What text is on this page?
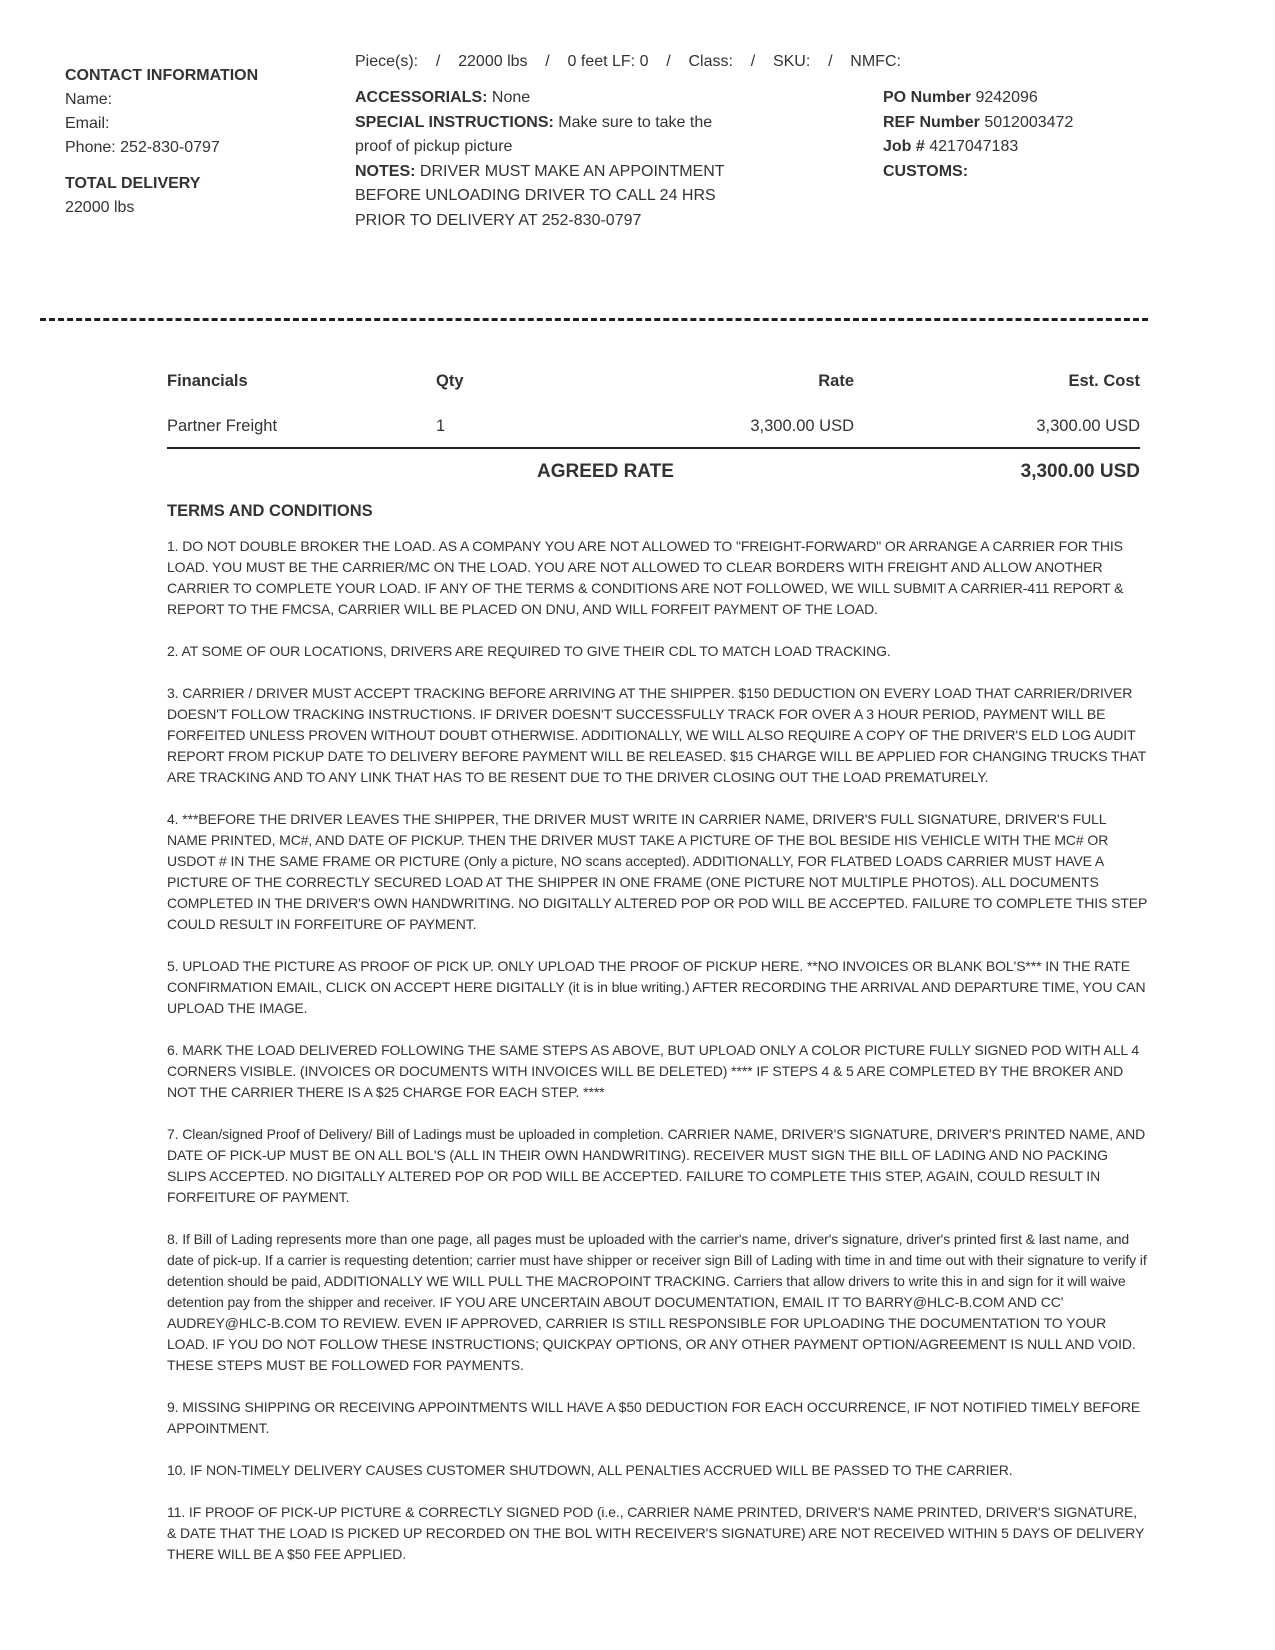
CONTACT INFORMATION
Name:
Email:
Phone: 252-830-0797
TOTAL DELIVERY
22000 lbs
Piece(s):    /    22000 lbs    /    0 feet LF: 0    /    Class:    /    SKU:    /    NMFC:
ACCESSORIALS: None
SPECIAL INSTRUCTIONS: Make sure to take the proof of pickup picture
NOTES: DRIVER MUST MAKE AN APPOINTMENT BEFORE UNLOADING DRIVER TO CALL 24 HRS PRIOR TO DELIVERY AT 252-830-0797
PO Number 9242096
REF Number 5012003472
Job # 4217047183
CUSTOMS:
Financials	Qty	Rate	Est. Cost
Partner Freight	1	3,300.00 USD	3,300.00 USD
AGREED RATE	3,300.00 USD
TERMS AND CONDITIONS

1. DO NOT DOUBLE BROKER THE LOAD. AS A COMPANY YOU ARE NOT ALLOWED TO "FREIGHT-FORWARD" OR ARRANGE A CARRIER FOR THIS LOAD. YOU MUST BE THE CARRIER/MC ON THE LOAD. YOU ARE NOT ALLOWED TO CLEAR BORDERS WITH FREIGHT AND ALLOW ANOTHER CARRIER TO COMPLETE YOUR LOAD. IF ANY OF THE TERMS & CONDITIONS ARE NOT FOLLOWED, WE WILL SUBMIT A CARRIER-411 REPORT & REPORT TO THE FMCSA, CARRIER WILL BE PLACED ON DNU, AND WILL FORFEIT PAYMENT OF THE LOAD.

2. AT SOME OF OUR LOCATIONS, DRIVERS ARE REQUIRED TO GIVE THEIR CDL TO MATCH LOAD TRACKING.

3. CARRIER / DRIVER MUST ACCEPT TRACKING BEFORE ARRIVING AT THE SHIPPER. $150 DEDUCTION ON EVERY LOAD THAT CARRIER/DRIVER DOESN'T FOLLOW TRACKING INSTRUCTIONS. IF DRIVER DOESN'T SUCCESSFULLY TRACK FOR OVER A 3 HOUR PERIOD, PAYMENT WILL BE FORFEITED UNLESS PROVEN WITHOUT DOUBT OTHERWISE. ADDITIONALLY, WE WILL ALSO REQUIRE A COPY OF THE DRIVER'S ELD LOG AUDIT REPORT FROM PICKUP DATE TO DELIVERY BEFORE PAYMENT WILL BE RELEASED. $15 CHARGE WILL BE APPLIED FOR CHANGING TRUCKS THAT ARE TRACKING AND TO ANY LINK THAT HAS TO BE RESENT DUE TO THE DRIVER CLOSING OUT THE LOAD PREMATURELY.

4. ***BEFORE THE DRIVER LEAVES THE SHIPPER, THE DRIVER MUST WRITE IN CARRIER NAME, DRIVER'S FULL SIGNATURE, DRIVER'S FULL NAME PRINTED, MC#, AND DATE OF PICKUP. THEN THE DRIVER MUST TAKE A PICTURE OF THE BOL BESIDE HIS VEHICLE WITH THE MC# OR USDOT # IN THE SAME FRAME OR PICTURE (Only a picture, NO scans accepted). ADDITIONALLY, FOR FLATBED LOADS CARRIER MUST HAVE A PICTURE OF THE CORRECTLY SECURED LOAD AT THE SHIPPER IN ONE FRAME (ONE PICTURE NOT MULTIPLE PHOTOS). ALL DOCUMENTS COMPLETED IN THE DRIVER'S OWN HANDWRITING. NO DIGITALLY ALTERED POP OR POD WILL BE ACCEPTED. FAILURE TO COMPLETE THIS STEP COULD RESULT IN FORFEITURE OF PAYMENT.

5. UPLOAD THE PICTURE AS PROOF OF PICK UP. ONLY UPLOAD THE PROOF OF PICKUP HERE. **NO INVOICES OR BLANK BOL'S*** IN THE RATE CONFIRMATION EMAIL, CLICK ON ACCEPT HERE DIGITALLY (it is in blue writing.) AFTER RECORDING THE ARRIVAL AND DEPARTURE TIME, YOU CAN UPLOAD THE IMAGE.

6. MARK THE LOAD DELIVERED FOLLOWING THE SAME STEPS AS ABOVE, BUT UPLOAD ONLY A COLOR PICTURE FULLY SIGNED POD WITH ALL 4 CORNERS VISIBLE. (INVOICES OR DOCUMENTS WITH INVOICES WILL BE DELETED) **** IF STEPS 4 & 5 ARE COMPLETED BY THE BROKER AND NOT THE CARRIER THERE IS A $25 CHARGE FOR EACH STEP. ****

7. Clean/signed Proof of Delivery/ Bill of Ladings must be uploaded in completion. CARRIER NAME, DRIVER'S SIGNATURE, DRIVER'S PRINTED NAME, AND DATE OF PICK-UP MUST BE ON ALL BOL'S (ALL IN THEIR OWN HANDWRITING). RECEIVER MUST SIGN THE BILL OF LADING AND NO PACKING SLIPS ACCEPTED. NO DIGITALLY ALTERED POP OR POD WILL BE ACCEPTED. FAILURE TO COMPLETE THIS STEP, AGAIN, COULD RESULT IN FORFEITURE OF PAYMENT.

8. If Bill of Lading represents more than one page, all pages must be uploaded with the carrier's name, driver's signature, driver's printed first & last name, and date of pick-up. If a carrier is requesting detention; carrier must have shipper or receiver sign Bill of Lading with time in and time out with their signature to verify if detention should be paid, ADDITIONALLY WE WILL PULL THE MACROPOINT TRACKING. Carriers that allow drivers to write this in and sign for it will waive detention pay from the shipper and receiver. IF YOU ARE UNCERTAIN ABOUT DOCUMENTATION, EMAIL IT TO BARRY@HLC-B.COM AND CC' AUDREY@HLC-B.COM TO REVIEW. EVEN IF APPROVED, CARRIER IS STILL RESPONSIBLE FOR UPLOADING THE DOCUMENTATION TO YOUR LOAD. IF YOU DO NOT FOLLOW THESE INSTRUCTIONS; QUICKPAY OPTIONS, OR ANY OTHER PAYMENT OPTION/AGREEMENT IS NULL AND VOID. THESE STEPS MUST BE FOLLOWED FOR PAYMENTS.

9. MISSING SHIPPING OR RECEIVING APPOINTMENTS WILL HAVE A $50 DEDUCTION FOR EACH OCCURRENCE, IF NOT NOTIFIED TIMELY BEFORE APPOINTMENT.

10. IF NON-TIMELY DELIVERY CAUSES CUSTOMER SHUTDOWN, ALL PENALTIES ACCRUED WILL BE PASSED TO THE CARRIER.

11. IF PROOF OF PICK-UP PICTURE & CORRECTLY SIGNED POD (i.e., CARRIER NAME PRINTED, DRIVER'S NAME PRINTED, DRIVER'S SIGNATURE, & DATE THAT THE LOAD IS PICKED UP RECORDED ON THE BOL WITH RECEIVER'S SIGNATURE) ARE NOT RECEIVED WITHIN 5 DAYS OF DELIVERY THERE WILL BE A $50 FEE APPLIED.
